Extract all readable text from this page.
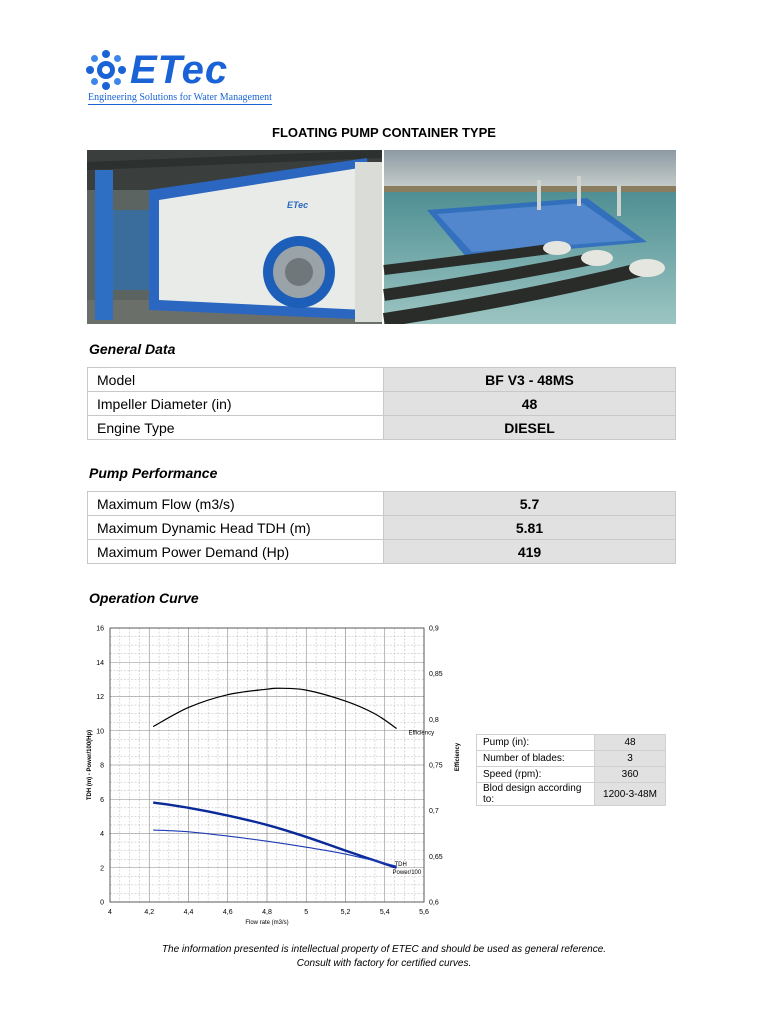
ETec
Engineering Solutions for Water Management
FLOATING PUMP CONTAINER TYPE
ETec
General Data
Model	BF V3 - 48MS
Impeller Diameter (in)	48
Engine Type	DIESEL
Pump Performance
Maximum Flow (m3/s)	5.7
Maximum Dynamic Head TDH (m)	5.81
Maximum Power Demand (Hp)	419
Operation Curve
4	4,2	4,4	4,6	4,8	5	5,2	5,4	5,6
0
2
4
6
8
10
12
14
16
0,6
0,65
0,7
0,75
0,8
0,85
0,9
Flow rate (m3/s)
TDH (m) - Power/100(Hp)	Efficiency
Efficiency
TDH
Power/100
Pump (in):	48
Number of blades:	3
Speed (rpm):	360
Blod design according to:	1200-3-48M
The information presented is intellectual property of ETEC and should be used as general reference.
Consult with factory for certified curves.
